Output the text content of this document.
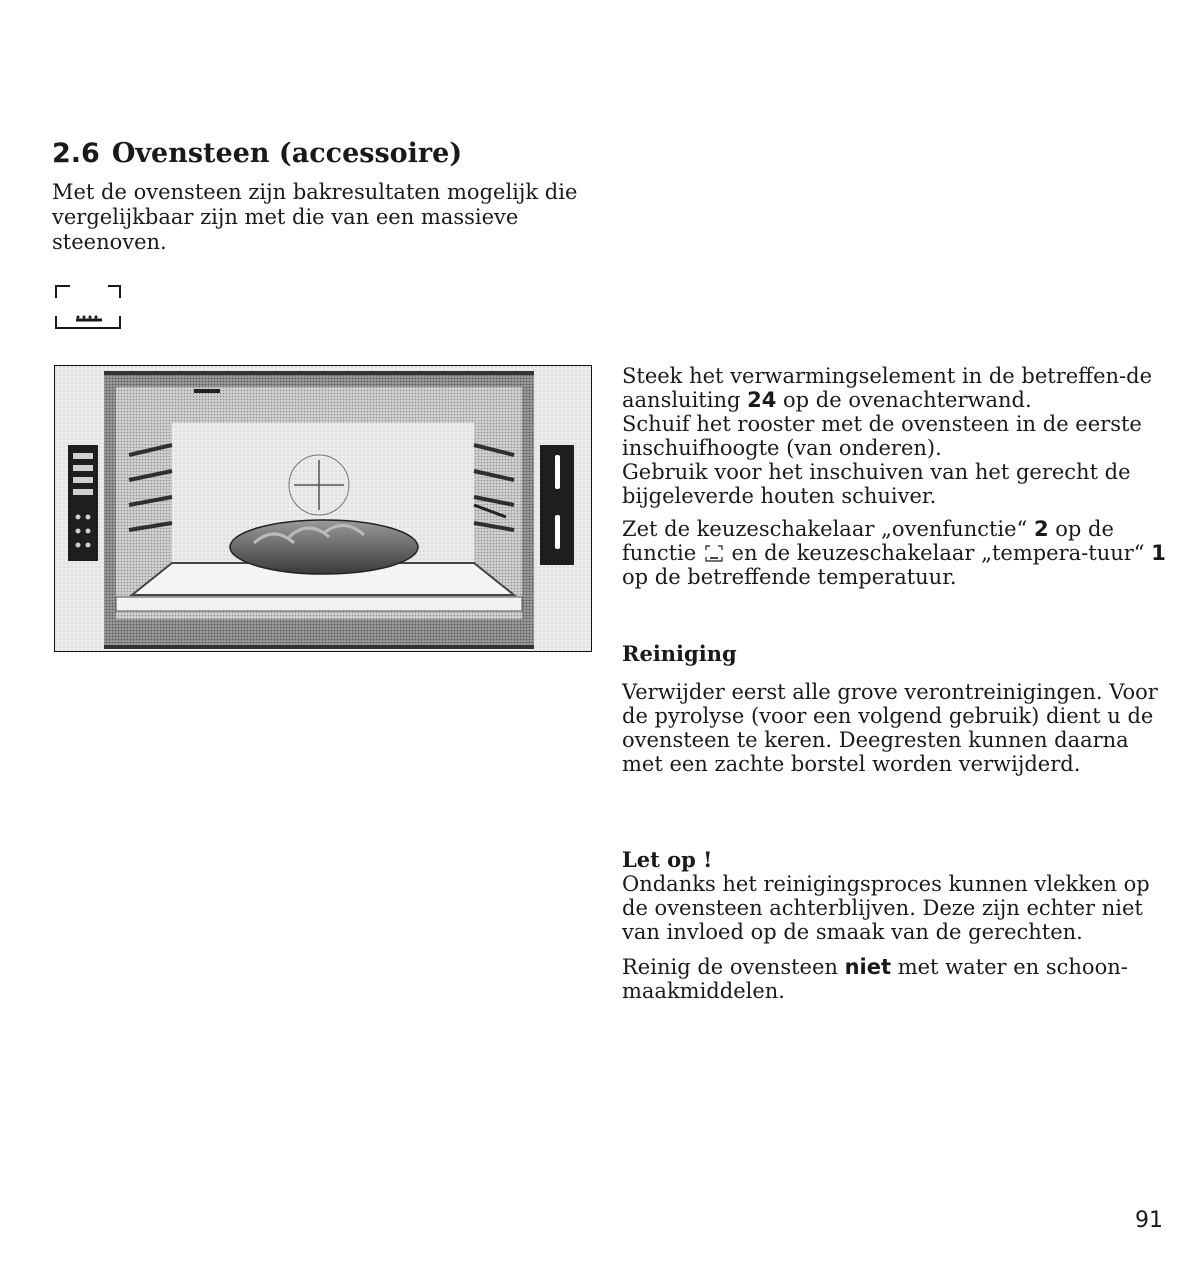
2.6 Ovensteen (accessoire)

Met de ovensteen zijn bakresultaten mogelijk die vergelijkbaar zijn met die van een massieve steenoven.

Steek het verwarmingselement in de betreffen-de aansluiting 24 op de ovenachterwand.

Schuif het rooster met de ovensteen in de eerste inschuifhoogte (van onderen).

Gebruik voor het inschuiven van het gerecht de bijgeleverde houten schuiver.

Zet de keuzeschakelaar „ovenfunctie“ 2 op de functie  en de keuzeschakelaar „tempera-tuur“ 1 op de betreffende temperatuur.

Reiniging

Verwijder eerst alle grove verontreinigingen. Voor de pyrolyse (voor een volgend gebruik) dient u de ovensteen te keren. Deegresten kunnen daarna met een zachte borstel worden verwijderd.

Let op !

Ondanks het reinigingsproces kunnen vlekken op de ovensteen achterblijven. Deze zijn echter niet van invloed op de smaak van de gerechten.

Reinig de ovensteen niet met water en schoon-maakmiddelen.

91
